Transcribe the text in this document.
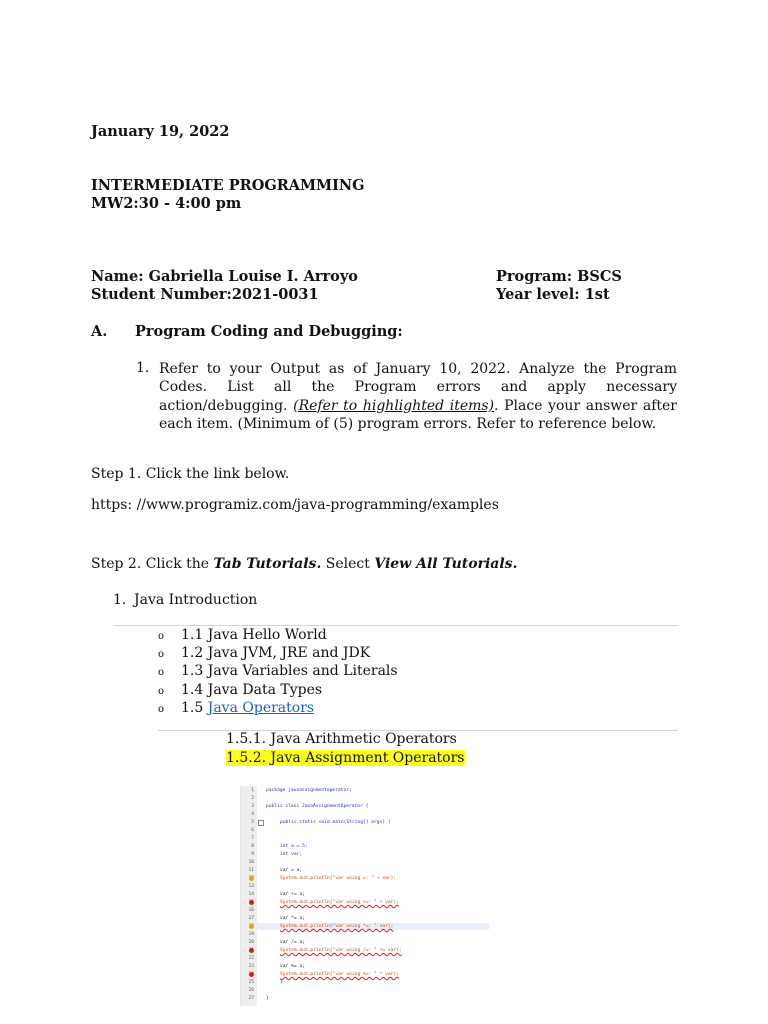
January 19, 2022
INTERMEDIATE PROGRAMMING
MW2:30 - 4:00 pm
Name: Gabriella Louise I. Arroyo
Student Number:2021-0031
Program: BSCS
Year level: 1st
A. Program Coding and Debugging:
1. Refer to your Output as of January 10, 2022. Analyze the Program Codes. List all the Program errors and apply necessary action/debugging. (Refer to highlighted items). Place your answer after each item. (Minimum of (5) program errors. Refer to reference below.
Step 1. Click the link below.
https: //www.programiz.com/java-programming/examples
Step 2. Click the Tab Tutorials. Select View All Tutorials.
1. Java Introduction
o 1.1 Java Hello World
o 1.2 Java JVM, JRE and JDK
o 1.3 Java Variables and Literals
o 1.4 Java Data Types
o 1.5 Java Operators
1.5.1. Java Arithmetic Operators
1.5.2. Java Assignment Operators
1
2
3
4
5
6
7
8
9
10
11
13
14
16
17
19
20
22
23
25
26
27
-
package javaassignmentoperator;
public class JavaAssignmentOperator {
public static void main(String[] args) {
int a = 5;
int var;
var = a;
System.out.println("var using =: " + var);
var += a;
System.out.println("var using +=: " + var);
var *= a;
System.out.println("var using *=: " var);
var /= a;
System.out.println("var using /=: " += var);
var %= a;
System.out.println("var using %=: " * var);
}
}
